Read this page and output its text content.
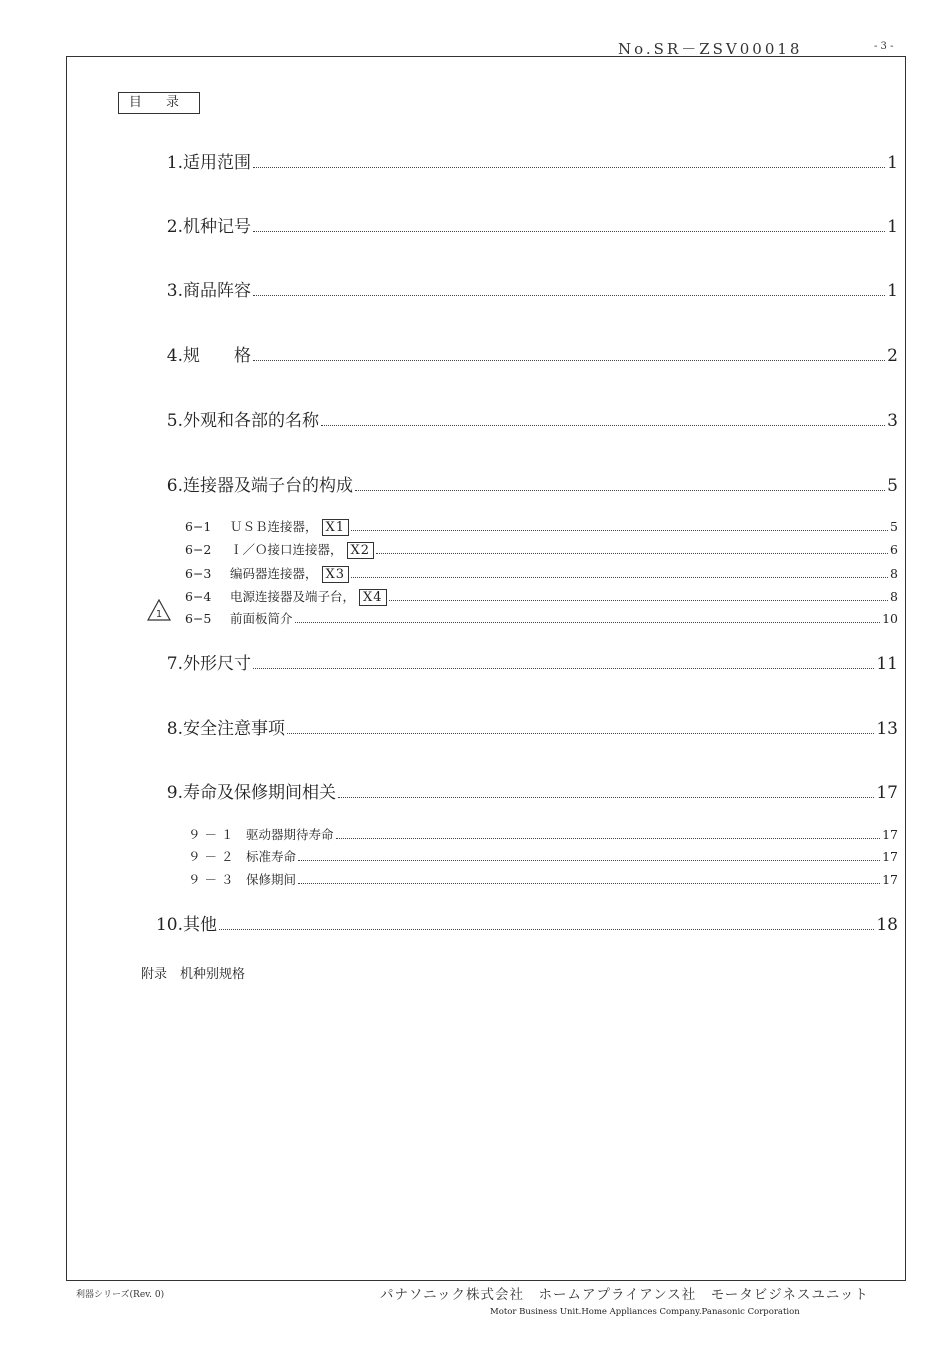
No.SR－ZSV00018	- 3 -
目 录
1. 适用范围	1
2. 机种记号	1
3. 商品阵容	1
4. 规　　格	2
5. 外观和各部的名称	3
6. 连接器及端子台的构成	5
6−1	ＵＳＢ连接器， X1	5
6−2	Ｉ／Ｏ接口连接器， X2	6
6−3	编码器连接器， X3	8
6−4	电源连接器及端子台， X4	8
6−5	前面板简介	10
1
7. 外形尺寸	11
8. 安全注意事项	13
9. 寿命及保修期间相关	17
９ － １	驱动器期待寿命	17
９ － ２	标准寿命	17
９ － ３	保修期间	17
10. 其他	18
附录　机种别规格
利器シリーズ(Rev. 0)	パナソニック株式会社　ホームアプライアンス社　モータビジネスユニット
Motor Business Unit.Home Appliances Company.Panasonic Corporation
